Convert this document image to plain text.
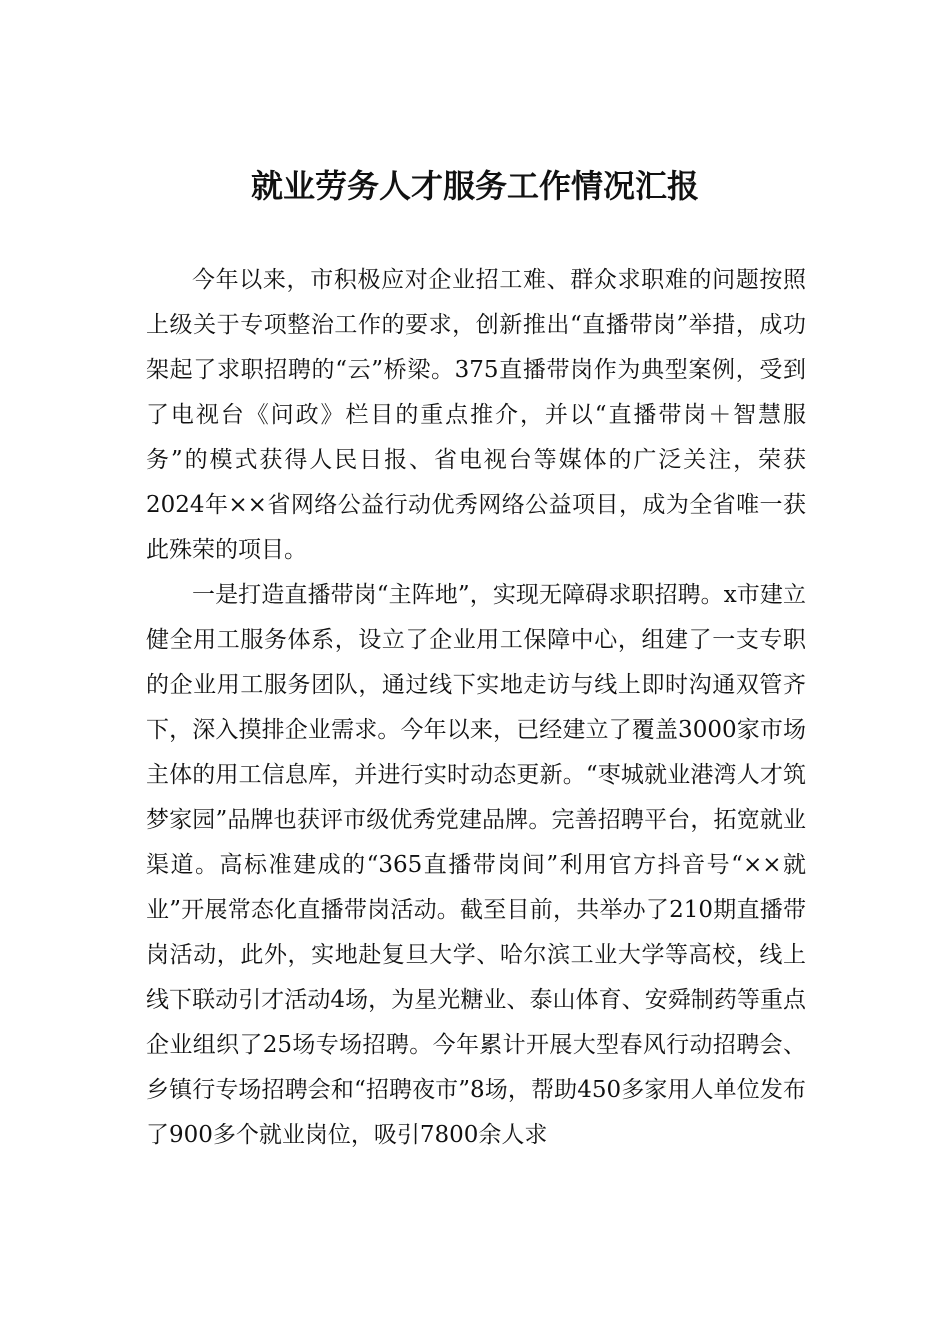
就业劳务人才服务工作情况汇报

今年以来，市积极应对企业招工难、群众求职难的问题按照上级关于专项整治工作的要求，创新推出“直播带岗”举措，成功架起了求职招聘的“云”桥梁。375直播带岗作为典型案例，受到了电视台《问政》栏目的重点推介，并以“直播带岗＋智慧服务”的模式获得人民日报、省电视台等媒体的广泛关注，荣获2024年××省网络公益行动优秀网络公益项目，成为全省唯一获此殊荣的项目。

一是打造直播带岗“主阵地”，实现无障碍求职招聘。x市建立健全用工服务体系，设立了企业用工保障中心，组建了一支专职的企业用工服务团队，通过线下实地走访与线上即时沟通双管齐下，深入摸排企业需求。今年以来，已经建立了覆盖3000家市场主体的用工信息库，并进行实时动态更新。“枣城就业港湾人才筑梦家园”品牌也获评市级优秀党建品牌。完善招聘平台，拓宽就业渠道。高标准建成的“365直播带岗间”利用官方抖音号“××就业”开展常态化直播带岗活动。截至目前，共举办了210期直播带岗活动，此外，实地赴复旦大学、哈尔滨工业大学等高校，线上线下联动引才活动4场，为星光糖业、泰山体育、安舜制药等重点企业组织了25场专场招聘。今年累计开展大型春风行动招聘会、乡镇行专场招聘会和“招聘夜市”8场，帮助450多家用人单位发布了900多个就业岗位，吸引7800余人求
